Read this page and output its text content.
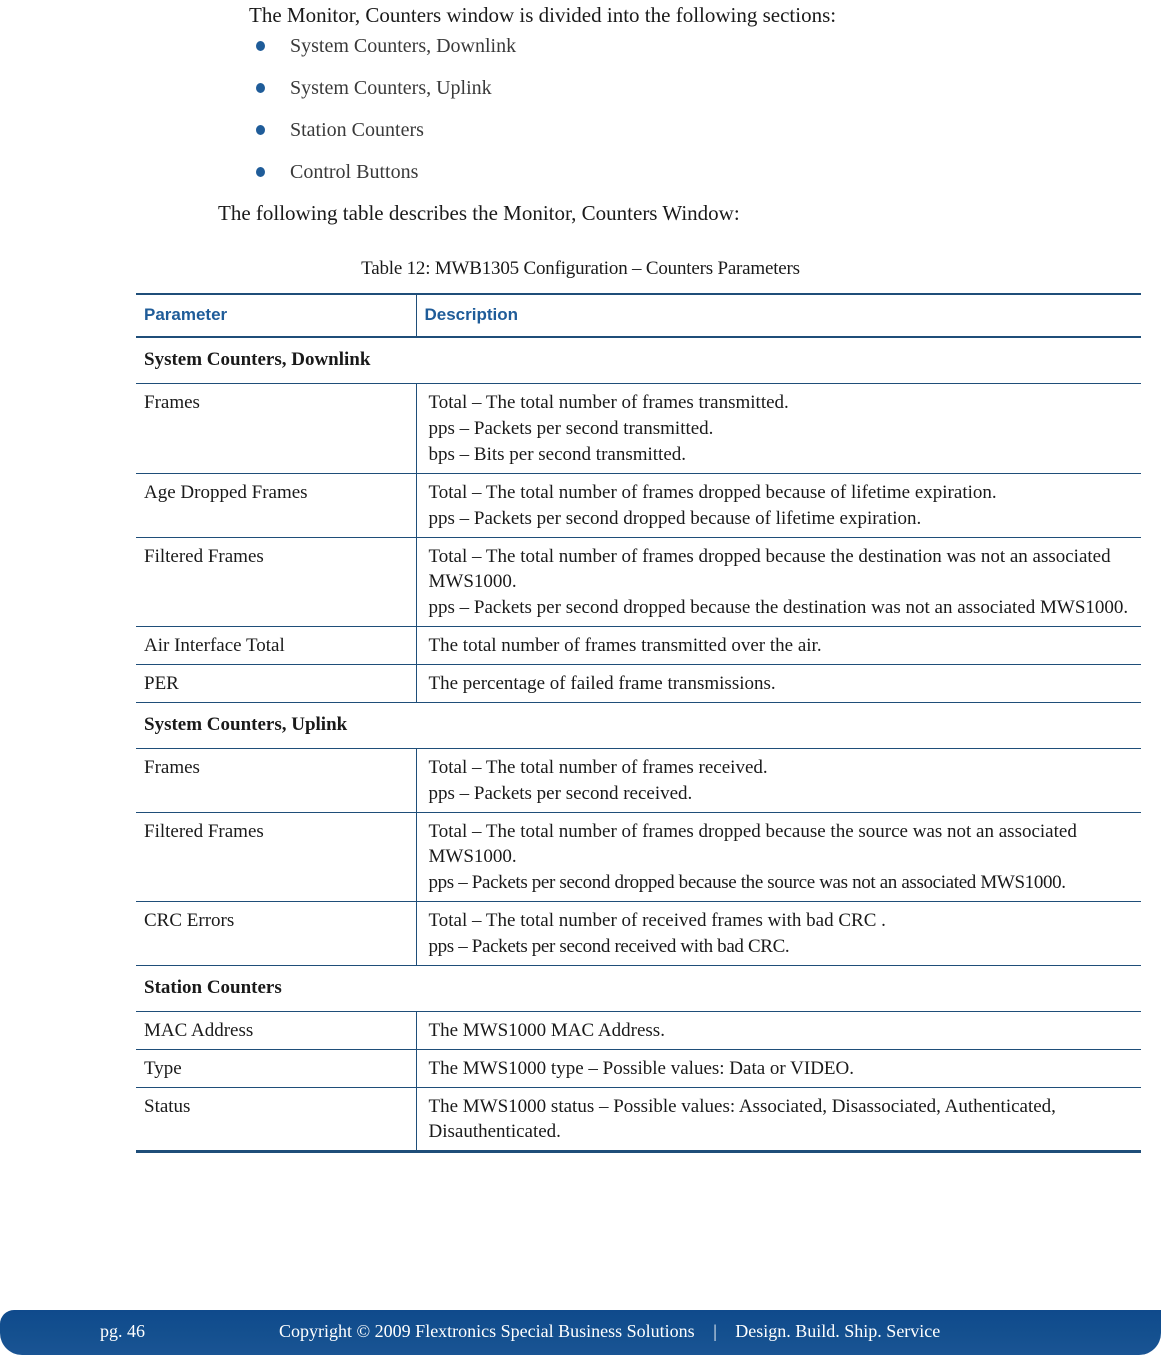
The Monitor, Counters window is divided into the following sections:
System Counters, Downlink
System Counters, Uplink
Station Counters
Control Buttons
The following table describes the Monitor, Counters Window:
Table 12: MWB1305 Configuration – Counters Parameters
Parameter	Description
System Counters, Downlink	
Frames	Total – The total number of frames transmitted.
pps – Packets per second transmitted.
bps – Bits per second transmitted.

Age Dropped Frames	Total – The total number of frames dropped because of lifetime expiration.
pps – Packets per second dropped because of lifetime expiration.

Filtered Frames	Total – The total number of frames dropped because the destination was not an associated MWS1000.
pps – Packets per second dropped because the destination was not an associated MWS1000.

Air Interface Total	The total number of frames transmitted over the air.

PER	The percentage of failed frame transmissions.

System Counters, Uplink	
Frames	Total – The total number of frames received.
pps – Packets per second received.

Filtered Frames	Total – The total number of frames dropped because the source was not an associated MWS1000.
pps – Packets per second dropped because the source was not an associated MWS1000.

CRC Errors	Total – The total number of received frames with bad CRC .
pps – Packets per second received with bad CRC.

Station Counters	
MAC Address	The MWS1000 MAC Address.

Type	The MWS1000 type – Possible values: Data or VIDEO.

Status	The MWS1000 status – Possible values: Associated, Disassociated, Authenticated, Disauthenticated.
pg. 46	Copyright © 2009 Flextronics Special Business Solutions | Design. Build. Ship. Service
